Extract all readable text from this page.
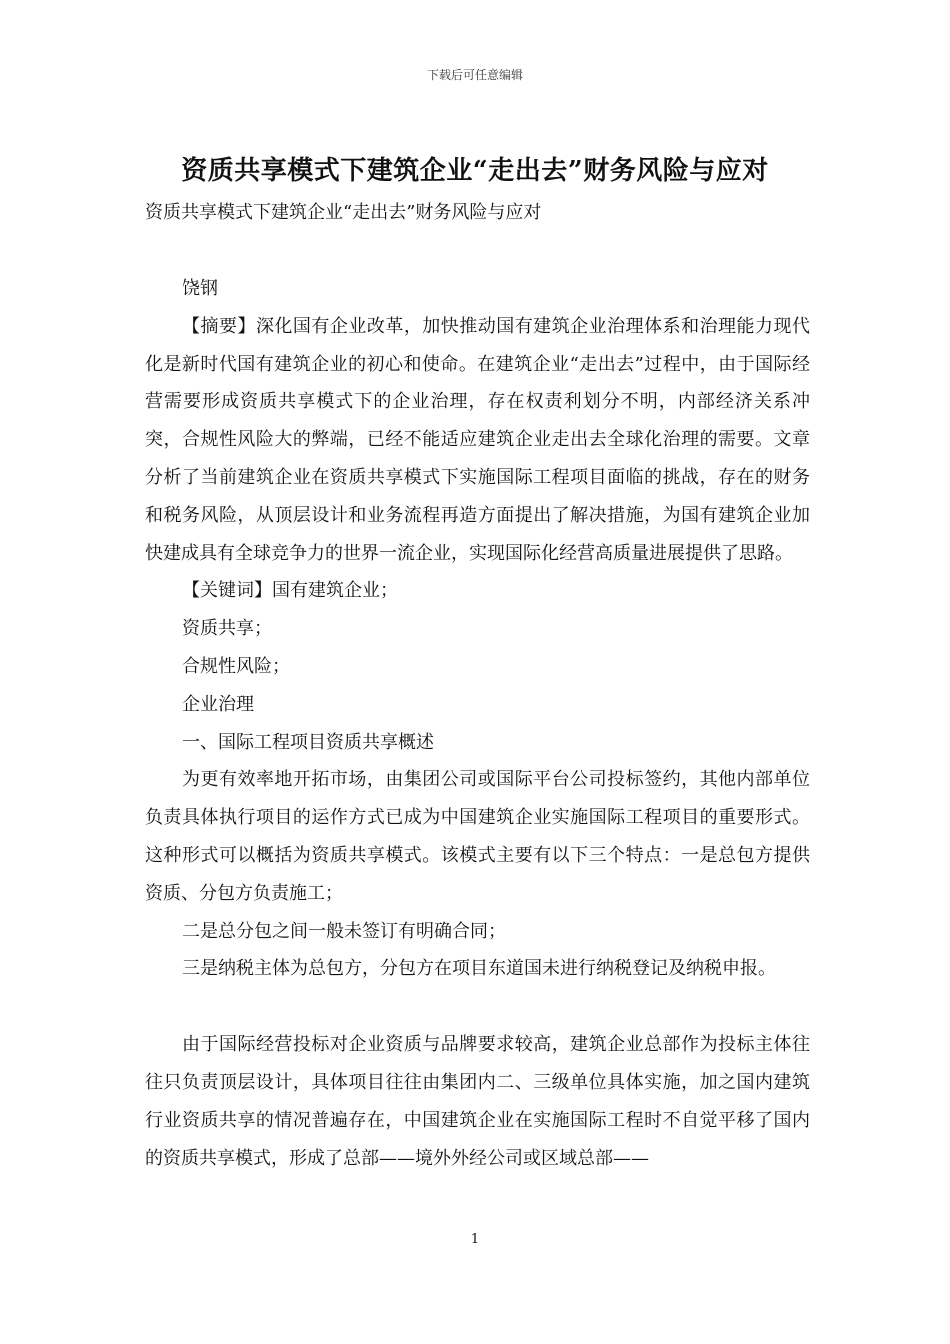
下载后可任意编辑
资质共享模式下建筑企业“走出去”财务风险与应对

资质共享模式下建筑企业“走出去”财务风险与应对

饶钢

【摘要】深化国有企业改革，加快推动国有建筑企业治理体系和治理能力现代化是新时代国有建筑企业的初心和使命。在建筑企业“走出去”过程中，由于国际经营需要形成资质共享模式下的企业治理，存在权责利划分不明，内部经济关系冲突，合规性风险大的弊端，已经不能适应建筑企业走出去全球化治理的需要。文章分析了当前建筑企业在资质共享模式下实施国际工程项目面临的挑战，存在的财务和税务风险，从顶层设计和业务流程再造方面提出了解决措施，为国有建筑企业加快建成具有全球竞争力的世界一流企业，实现国际化经营高质量进展提供了思路。

【关键词】国有建筑企业；

资质共享；

合规性风险；

企业治理

一、国际工程项目资质共享概述

为更有效率地开拓市场，由集团公司或国际平台公司投标签约，其他内部单位负责具体执行项目的运作方式已成为中国建筑企业实施国际工程项目的重要形式。这种形式可以概括为资质共享模式。该模式主要有以下三个特点：一是总包方提供资质、分包方负责施工；

二是总分包之间一般未签订有明确合同；

三是纳税主体为总包方，分包方在项目东道国未进行纳税登记及纳税申报。

由于国际经营投标对企业资质与品牌要求较高，建筑企业总部作为投标主体往往只负责顶层设计，具体项目往往由集团内二、三级单位具体实施，加之国内建筑行业资质共享的情况普遍存在，中国建筑企业在实施国际工程时不自觉平移了国内的资质共享模式，形成了总部——境外外经公司或区域总部——

1
